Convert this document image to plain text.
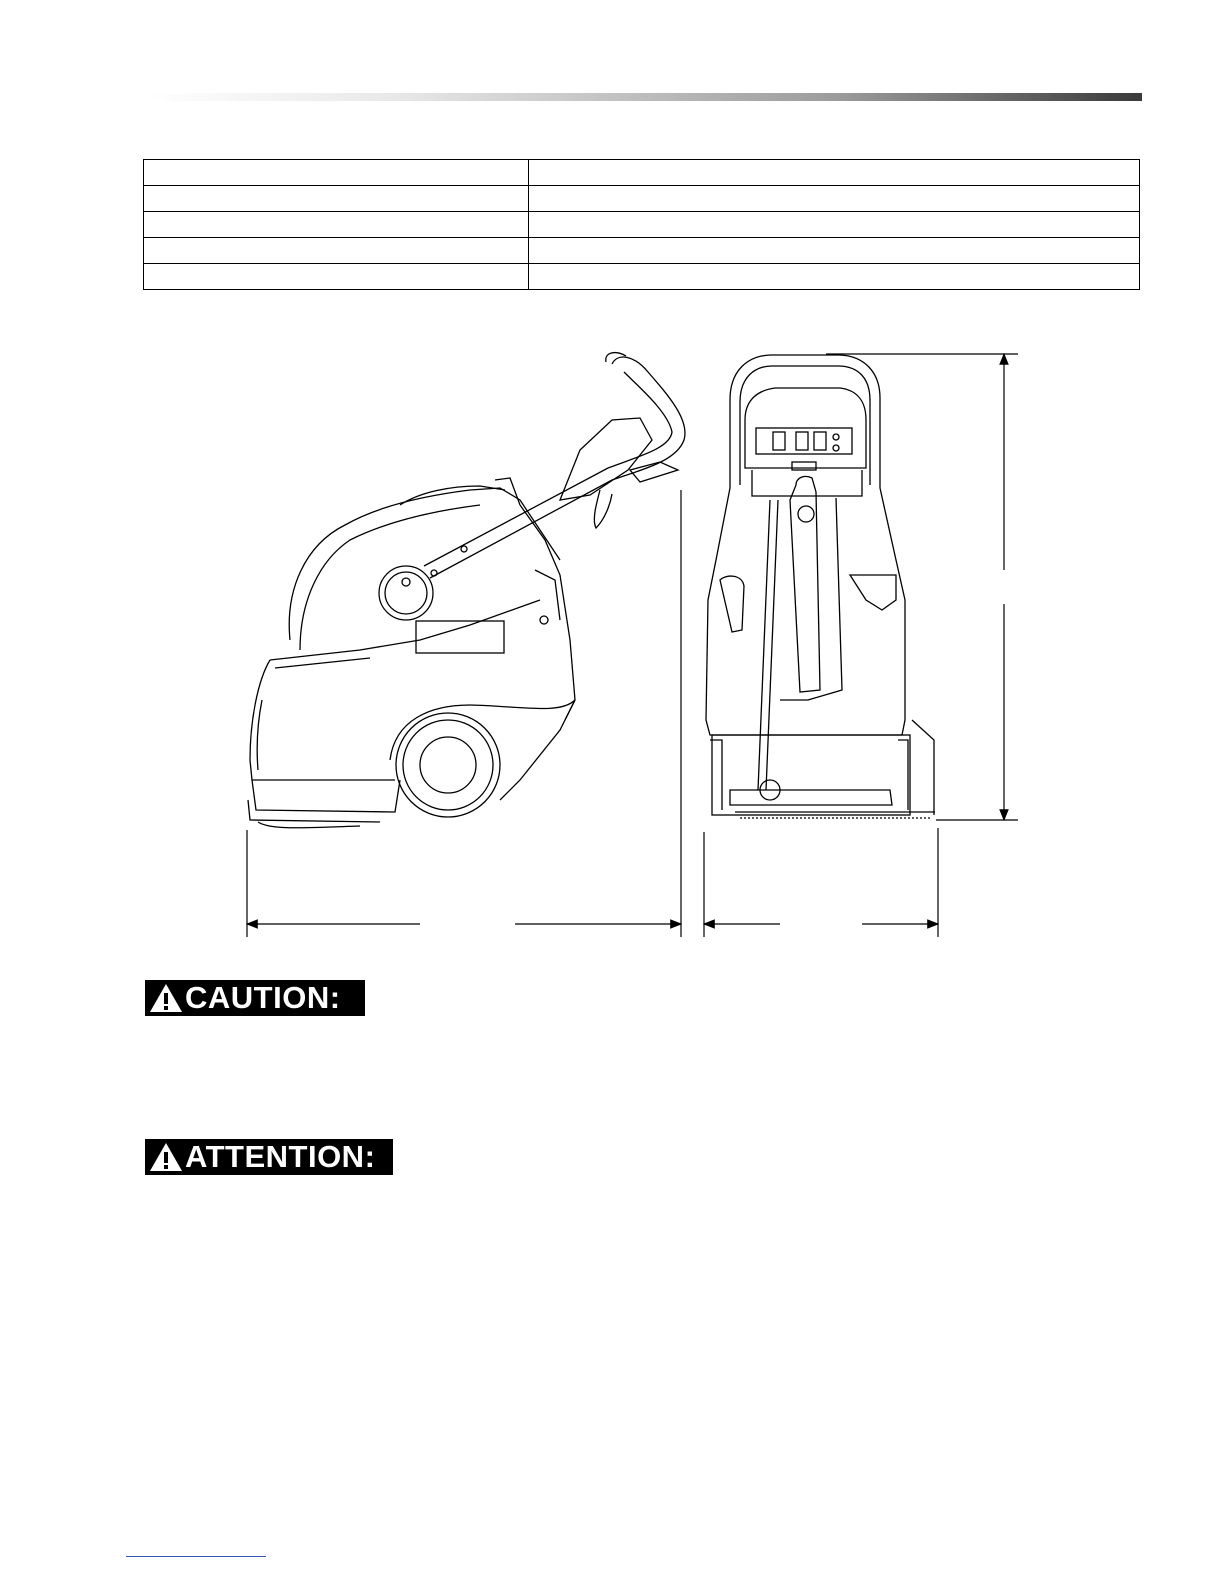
CAUTION:
ATTENTION:
